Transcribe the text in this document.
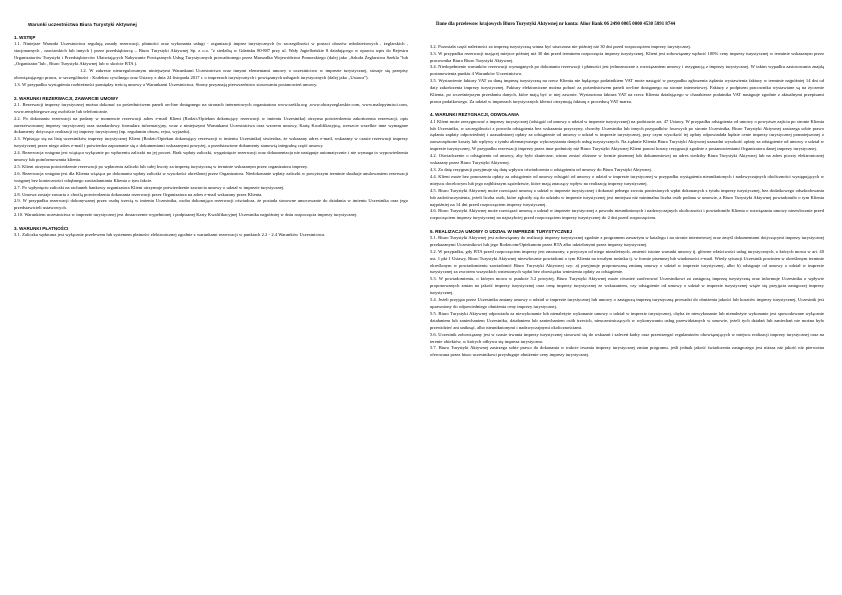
Warunki uczestnictwa Biura Turystyki Aktywnej
1. WSTĘP

1.1. Niniejsze Warunki Uczestnictwa regulują zasady rezerwacji, płatności oraz wykonania usługi - organizacji imprez turystycznych (w szczególności w postaci obozów młodzieżowych , żeglarskich , stacjonarnych , narciarskich lub innych ) przez przedsiębiorcę – Biuro Turystyki Aktywnej Sp. z o.o. "z siedzibą w Gdańsku 80-887 przy ul. Wały Jagiellońskie 8 działającego w oparciu wpis do Rejestru Organizatorów Turystyki i Przedsiębiorców Ułatwiających Nabywanie Powiązanych Usług Turystycznych prowadzonego przez Marszałka Województwa Pomorskiego (dalej jako „Szkoła Żeglarstwa Szekla "lub „Organizator"lub , Biuro Turystyki Aktywnej lub w skrócie BTA ).

1.2. W zakresie nieuregulowanym niniejszymi Warunkami Uczestnictwa oraz innymi elementami umowy o uczestnictwo w imprezie turystycznej, stosuje się przepisy obowiązującego prawa, w szczególności : Kodeksu cywilnego oraz Ustawy z dnia 24 listopada 2017 r. o imprezach turystycznych i powiązanych usługach turystycznych (dalej jako „Ustawa").

1.3. W przypadku wystąpienia rozbieżności pomiędzy treścią umowy a Warunkami Uczestnictwa, Strony przyznają pierwszeństwo stosowaniu postanowień umowy.

2. WARUNKI REZERWACJI, ZAWARCIE UMOWY

2.1. Rezerwacji imprezy turystycznej można dokonać za pośrednictwem paneli on-line dostępnego na stronach internetowych organizatora www.szekla.org ,www.obozyzeglarskie.com, www.malopytmisci.com, www.rentybiegowe.org osobiście lub telefonicznie.

2.2. Po dokonaniu rezerwacji na podany w momencie rezerwacji adres e-mail Klient (Rodzic/Opiekun dokonujący rezerwacji w imieniu Uczestnika) otrzyma potwierdzenia zakończenia rezerwacji, opis zarezerwowanej imprezy turystycznej oraz standardowy formularz informacyjny, wraz z niniejszymi Warunkami Uczestnictwa oraz wzorem umowy, Kartę Kwalifikacyjną, wreszcie wszelkie inne wymagane dokumenty dotyczące realizacji tej imprezy turystycznej (np. regulamin obozu, rejsu, wyjazdu).

2.3. Wpisując się na listę uczestników imprezy turystycznej Klient (Rodzic/Opiekun dokonujący rezerwacji w imieniu Uczestnika) stwierdza, że wskazany adres e-mail, wskazany w czasie rezerwacji imprezy turystycznej przez niego adres e-mail i potwierdza zapoznanie się z dokumentami wskazanymi powyżej, a przedstawione dokumenty stanowią integralną część umowy.

2.4. Rezerwacja wstępna jest wiążąca wyłącznie po wpłaceniu zaliczki na jej poczet. Brak wpłaty zaliczki, wygaśnięcie rezerwacji oraz dokumentacja nie następuje automatycznie i nie wymaga to wypowiedzenia umowy lub poinformowania klienta.

2.5. Klient otrzyma potwierdzenie rezerwacji po wpłaceniu zaliczki lub całej kwoty za imprezę turystyczną w terminie wskazanym przez organizatora imprezy.

2.6. Rezerwacja wstępna jest dla Klienta wiążąca po dokonaniu wpłaty zaliczki w wysokości określonej przez Organizatora. Niedokonanie wpłaty zaliczki w powyższym terminie skutkuje anulowaniem rezerwacji wstępnej bez konieczności odrębnego zawiadamiania Klienta o tym fakcie.

2.7. Po wpłynięciu zaliczki na rachunek bankowy organizatora Klient otrzymuje potwierdzenie zawarcia umowy o udział w imprezie turystycznej.

2.8. Umowa zostaje zawarta z chwilą potwierdzenia dokonania rezerwacji przez Organizatora na adres e-mail wskazany przez Klienta.

2.9. W przypadku rezerwacji dokonywanej przez osobę trzecią w imieniu Uczestnika, osoba dokonująca rezerwacji oświadcza, że posiada stosowne umocowanie do działania w imieniu Uczestnika oraz jego przedstawicieli ustawowych.

2.10. Warunkiem uczestnictwa w imprezie turystycznej jest dostarczenie wypełnionej i podpisanej Karty Kwalifikacyjnej Uczestnika najpóźniej w dniu rozpoczęcia imprezy turystycznej.

3. WARUNKI PŁATNOŚCI

3.1. Zaliczka wpłacana jest wyłącznie przelewem lub systemem płatności elektronicznej zgodnie z warunkami rezerwacji w punktach 2.2 - 2.4 Warunków Uczestnictwa.

Dane dla przelewow krajowych Biuro Turystyki Aktywnej nr konta: Alior Bank 06 2490 0005 0000 4530 5891 8744

3.2. Pozostała część należności za imprezę turystyczną winna być uiszczona nie później niż 30 dni przed rozpoczęciem imprezy turystycznej.

3.3. W przypadku rezerwacji mającej miejsce później niż 30 dni przed terminem rozpoczęcia imprezy turystycznej, Klient jest zobowiązany wpłacić 100% ceny imprezy turystycznej w terminie wskazanym przez pracownika Biura Biuro Turystyki Aktywnej.

3.4. Niedopełnienie warunków rezerwacji wymaganych po dokonaniu rezerwacji i płatności jest jednoznaczne z rozwiązaniem umowy i rezygnacją z imprezy turystycznej. W takim wypadku zastosowania znajdą postanowienia punktu 4 Warunków Uczestnictwa.

3.5. Wystawienie faktury VAT za daną imprezę turystyczną na rzecz Klienta nie będącego podatnikiem VAT może nastąpić w przypadku zgłoszenia żądania wystawienia faktury w terminie najpóźniej 14 dni od daty zakończenia imprezy turystycznej. Faktury elektroniczne można pobrać za pośrednictwem paneli on-line dostępnego na stronie internetowej. Faktury z podpisem pracownika wystawiane są na życzenie Klienta, po wcześniejszym przesłaniu danych, które mają być w niej zawarte. Wystawiona faktura VAT na rzecz Klienta działającego w charakterze podatnika VAT następuje zgodnie z aktualnymi przepisami prawa podatkowego. Za udział w imprezach turystycznych klienci otrzymują fakturę z procedurą VAT marża.

4. WARUNKI REZYGNACJI, ODWOŁANIA

4.1 Klient może zrezygnować z imprezy turystycznej (odstąpić od umowy o udział w imprezie turystycznej) na podstawie art. 47 Ustawy. W przypadku odstąpienia od umowy o powyższe zajścia po stronie Klienta lub Uczestnika, w szczególności z powodu odstąpienia bez wskazania przyczyny, choroby Uczestnika lub innych przypadków losowych po stronie Uczestnika, Biuro Turystyki Aktywnej zastrzega sobie prawo żądania zapłaty odpowiedniej i uzasadnionej opłaty za odstąpienie od umowy o udział w imprezie turystycznej, przy czym wysokość tej opłaty odpowiadała będzie cenie imprezy turystycznej pomniejszonej o zaoszczędzone koszty lub wpływy z tytułu alternatywnego wykorzystania danych usług turystycznych. Na żądanie Klienta Biuro Turystyki Aktywnej uzasadni wysokość opłaty za odstąpienie od umowy o udział w imprezie turystycznej. W przypadku rezerwacji imprezy przez inne podmioty niż Biuro Turystyki Aktywnej Klient ponosi koszty rezygnacji zgodnie z postanowieniami Organizatora danej imprezy turystycznej.

4.2. Oświadczenie o odstąpieniu od umowy, aby było skuteczne, winno zostać złożone w formie pisemnej lub dokumentowej na adres siedziby Biura Turystyki Aktywnej lub na adres poczty elektronicznej wskazany przez Biuro Turystyki Aktywnej.

4.3. Za datę rezygnacji przyjmuje się datę wpływu oświadczenia o odstąpieniu od umowy do Biura Turystyki Aktywnej.

4.4. Klient może bez ponoszenia opłaty za odstąpienie od umowy odstąpić od umowy o udział w imprezie turystycznej w przypadku wystąpienia nieuniknionych i nadzwyczajnych okoliczności występujących w miejscu docelowym lub jego najbliższym sąsiedztwie, które mają znaczący wpływ na realizację imprezy turystycznej.

4.5. Biuro Turystyki Aktywnej może rozwiązać umowę o udział w imprezie turystycznej i dokonać pełnego zwrotu poniesionych wpłat dokonanych z tytułu imprezy turystycznej, bez dodatkowego odszkodowania lub zadośćuczynienia, jeżeli liczba osób, które zgłosiły się do udziału w imprezie turystycznej jest mniejsza niż minimalna liczba osób podana w umowie, a Biuro Turystyki Aktywnej powiadomiło o tym Klienta najpóźniej na 14 dni przed rozpoczęciem imprezy turystycznej.

4.6. Biuro Turystyki Aktywnej może rozwiązać umowę o udział w imprezie turystycznej z powodu nieuniknionych i nadzwyczajnych okoliczności i powiadomiło Klienta o rozwiązaniu umowy niezwłocznie przed rozpoczęciem imprezy turystycznej na najszybciej przed rozpoczęciem imprezy turystycznej do 2 dni przed rozpoczęciem.

5. REALIZACJA UMOWY O UDZIAŁ W IMPREZIE TURYSTYCZNEJ

5.1. Biuro Turystyki Aktywnej jest zobowiązany do realizacji imprezy turystycznej zgodnie z programem zawartym w katalogu i na stronie internetowej oraz zmyśl dokumentami dotyczącymi imprezy turystycznej przekazanymi Uczestnikowi lub jego Rodzicom/Opiekunom przez BTA albo udzielonymi przez imprezy turystycznej.

5.2. W przypadku, gdy BTA przed rozpoczęciem imprezy jest zmuszony, z przyczyn od niego niezależnych, zmienić istotne warunki umowy tj. główne właściwości usług turystycznych, o których mowa w art. 40 ust. 1 pkt 1 Ustawy, Biuro Turystyki Aktywnej niezwłocznie powiadomi o tym Klienta na trwałym nośniku tj. w formie pisemnej lub wiadomości e-mail. Wtedy sytuacji Uczestnik powinien w określonym terminie określonym w powiadomieniu zawiadomić Biuro Turystyki Aktywnej czy: a) przyjmuje proponowaną zmianę umowy o udział w imprezie turystycznej, albo b) odstępuje od umowy o udział w imprezie turystycznej za zwrotem wszystkich wniesionych wpłat bez obowiązku wniesienia opłaty za odstąpienie.

5.3. W powiadomieniu, o którym mowa w punkcie 5.2 powyżej, Biuro Turystyki Aktywnej może również zaoferować Uczestnikowi za zastępczą imprezę turystyczną oraz informuje Uczestnika o wpływie proponowanych zmian na jakość imprezy turystycznej oraz cenę imprezy turystycznej ze wskazaniem, czy odstąpienie od umowy o udział w imprezie turystycznej wiąże się przyjęcia zastępczej imprezy turystycznej.

5.4. Jeżeli przyjęta przez Uczestnika zmiany umowy o udział w imprezie turystycznej lub umowy o zastępczą imprezę turystyczną prowadzi do obniżenia jakości lub kosztów imprezy turystycznej, Uczestnik jest uprawniony do odpowiedniego obniżenia ceny imprezy turystycznej.

5.5. Biuro Turystyki Aktywnej odpowiada za niewykonanie lub nienależyte wykonanie umowy o udział w imprezie turystycznej, chyba że niewykonanie lub nienależyte wykonanie jest spowodowane wyłącznie działaniem lub zaniechaniem Uczestnika, działaniem lub zaniechaniem osób trzecich, nieuczestniczących w wykonywaniu usług przewidzianych w umowie, jeżeli tych działań lub zaniechań nie można było przewidzieć ani uniknąć, albo nieuniknionymi i nadzwyczajnymi okolicznościami.

5.6. Uczestnik zobowiązany jest w czasie trwania imprezy turystycznej stosować się do wskazań i zaleceń kadry oraz przestrzegać regulaminów obowiązujących w miejscu realizacji imprezy turystycznej oraz na terenie obiektów, w których odbywa się impreza turystyczna.

5.7. Biuro Turystyki Aktywnej zastrzega sobie prawo do dokonania w trakcie trwania imprezy turystycznej zmian programu, jeśli jednak jakość świadczenia zastępczego jest niższa niż jakość niż pierwotna oferowana przez biuro uczestnikowi przysługuje obniżenie ceny imprezy turystycznej.
